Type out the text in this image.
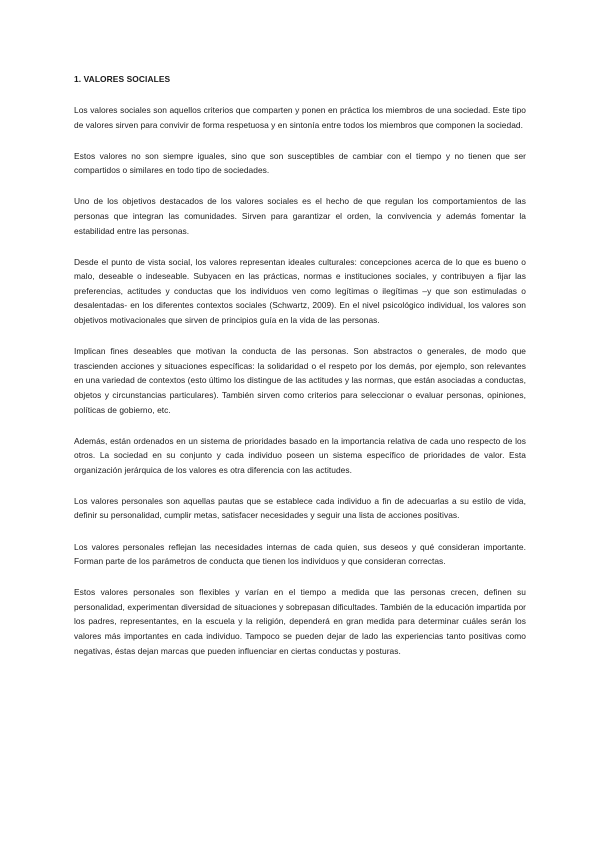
1. VALORES SOCIALES

Los valores sociales son aquellos criterios que comparten y ponen en práctica los miembros de una sociedad. Este tipo de valores sirven para convivir de forma respetuosa y en sintonía entre todos los miembros que componen la sociedad.

Estos valores no son siempre iguales, sino que son susceptibles de cambiar con el tiempo y no tienen que ser compartidos o similares en todo tipo de sociedades.

Uno de los objetivos destacados de los valores sociales es el hecho de que regulan los comportamientos de las personas que integran las comunidades. Sirven para garantizar el orden, la convivencia y además fomentar la estabilidad entre las personas.

Desde el punto de vista social, los valores representan ideales culturales: concepciones acerca de lo que es bueno o malo, deseable o indeseable. Subyacen en las prácticas, normas e instituciones sociales, y contribuyen a fijar las preferencias, actitudes y conductas que los individuos ven como legítimas o ilegítimas –y que son estimuladas o desalentadas- en los diferentes contextos sociales (Schwartz, 2009). En el nivel psicológico individual, los valores son objetivos motivacionales que sirven de principios guía en la vida de las personas.

Implican fines deseables que motivan la conducta de las personas. Son abstractos o generales, de modo que trascienden acciones y situaciones específicas: la solidaridad o el respeto por los demás, por ejemplo, son relevantes en una variedad de contextos (esto último los distingue de las actitudes y las normas, que están asociadas a conductas, objetos y circunstancias particulares). También sirven como criterios para seleccionar o evaluar personas, opiniones, políticas de gobierno, etc.

Además, están ordenados en un sistema de prioridades basado en la importancia relativa de cada uno respecto de los otros. La sociedad en su conjunto y cada individuo poseen un sistema específico de prioridades de valor. Esta organización jerárquica de los valores es otra diferencia con las actitudes.

Los valores personales son aquellas pautas que se establece cada individuo a fin de adecuarlas a su estilo de vida, definir su personalidad, cumplir metas, satisfacer necesidades y seguir una lista de acciones positivas.

Los valores personales reflejan las necesidades internas de cada quien, sus deseos y qué consideran importante. Forman parte de los parámetros de conducta que tienen los individuos y que consideran correctas.

Estos valores personales son flexibles y varían en el tiempo a medida que las personas crecen, definen su personalidad, experimentan diversidad de situaciones y sobrepasan dificultades. También de la educación impartida por los padres, representantes, en la escuela y la religión, dependerá en gran medida para determinar cuáles serán los valores más importantes en cada individuo. Tampoco se pueden dejar de lado las experiencias tanto positivas como negativas, éstas dejan marcas que pueden influenciar en ciertas conductas y posturas.
